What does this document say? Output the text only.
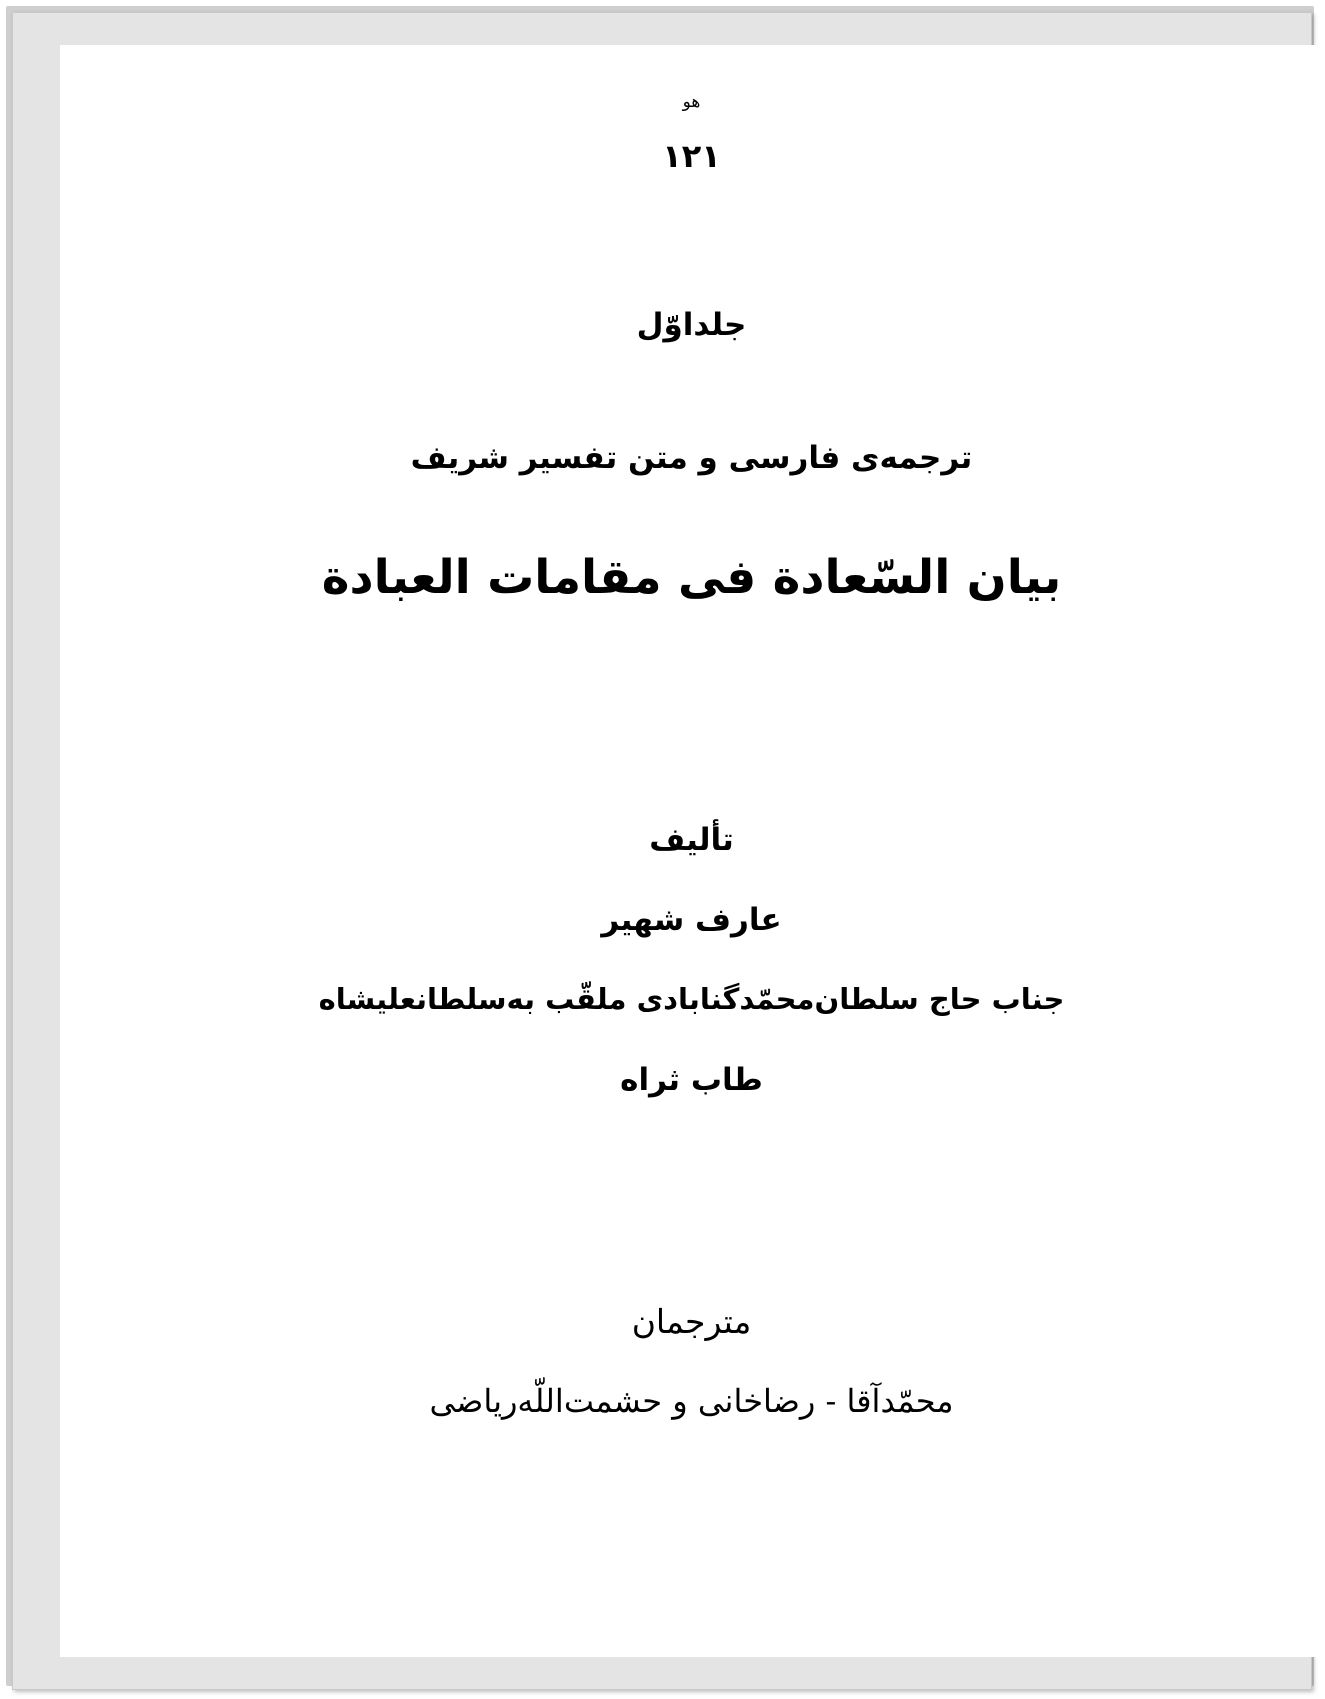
هو
۱۲۱
جلداوّل
ترجمه‌ی فارسی و متن تفسیر شریف
بیان السّعادة فی مقامات العبادة
تألیف
عارف شهیر
جناب حاج سلطان‌محمّدگنابادی ملقّب به‌سلطانعلیشاه
طاب ثراه
مترجمان
محمّدآقا - رضاخانی و حشمت‌اللّه‌ریاضی
